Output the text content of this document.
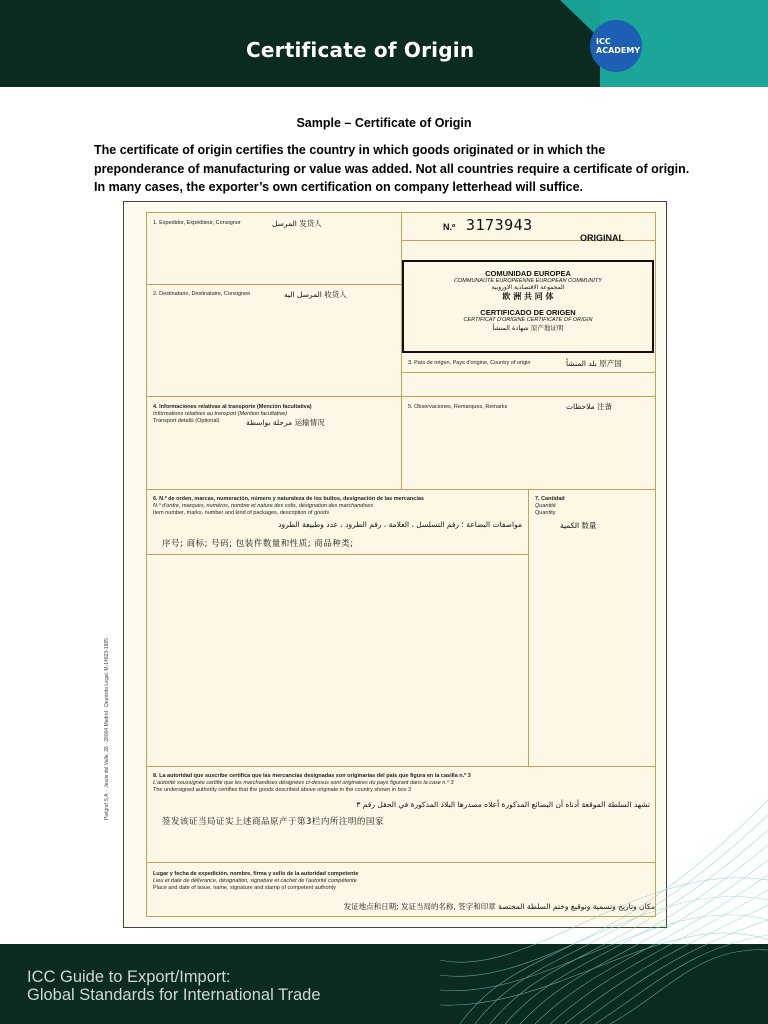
Certificate of Origin	ICC
ACADEMY
Sample – Certificate of Origin
The certificate of origin certifies the country in which goods originated or in which the preponderance of manufacturing or value was added. Not all countries require a certificate of origin. In many cases, the exporter’s own certification on company letterhead will suffice.
N.º 3173943
ORIGINAL
1. Expedidor, Expéditeur, Consignor	المرسل 发货人
2. Destinatario, Destinataire, Consignee	المرسل اليه 收货人
COMUNIDAD EUROPEA
COMMUNAUTE EUROPEENNE EUROPEAN COMMUNITY
المجموعة الاقتصادية الاوروبية
欧 洲 共 同 体
CERTIFICADO DE ORIGEN
CERTIFICAT D'ORIGINE CERTIFICATE OF ORIGIN
شهادة المنشأ 原产地证明
3. País de origen, Pays d'origine, Country of origin	بلد المنشأ 原产国
4. Informaciones relativas al transporte (Mención facultativa)
Informations relatives au transport (Mention facultative)
Transport details (Optional)	مرحلة بواسطة 运输情况
5. Observaciones, Remarques, Remarks	ملاحظات 注备
6. N.º de orden, marcas, numeración, número y naturaleza de los bultos, designación de las mercancías
N.º d'ordre, marques, numéros, nombre et nature des colis, désignation des marchandises
Item number, marks, number and kind of packages, description of goods
مواصفات البضاعة ؛ رقم التسلسل ، العلامة ، رقم الطرود ، عدد وطبيعة الطرود
序号; 商标; 号码; 包装件数量和性质; 商品种类;
7. Cantidad
Quantité
Quantity
الكمية 数量
8. La autoridad que suscribe certifica que las mercancías designadas son originarias del país que figura en la casilla n.º 3
L'autorité soussignée certifie que les marchandises désignées ci-dessus sont originaires du pays figurant dans la case n.º 3
The undersigned authority certifies that the goods described above originate in the country shown in box 3
تشهد السلطة الموقعة أدناه أن البضائع المذكورة أعلاه مصدرها البلاد المذكورة في الحقل رقم ٣
签发该证当局证实上述商品原产于第3栏内所注明的国家
Lugar y fecha de expedición, nombre, firma y sello de la autoridad competente
Lieu et date de délivrance, désignation, signature et cachet de l'autorité compétente
Place and date of issue, name, signature and stamp of competent authority
مكان وتاريخ وتسمية وتوقيع وختم السلطة المختصة 发证地点和日期; 发证当局的名称, 签字和印章
Pielgraf S.A. · Jesús del Valle, 28 · 28004 Madrid · Depósito Legal: M-14823-1985
ICC Guide to Export/Import:
Global Standards for International Trade
